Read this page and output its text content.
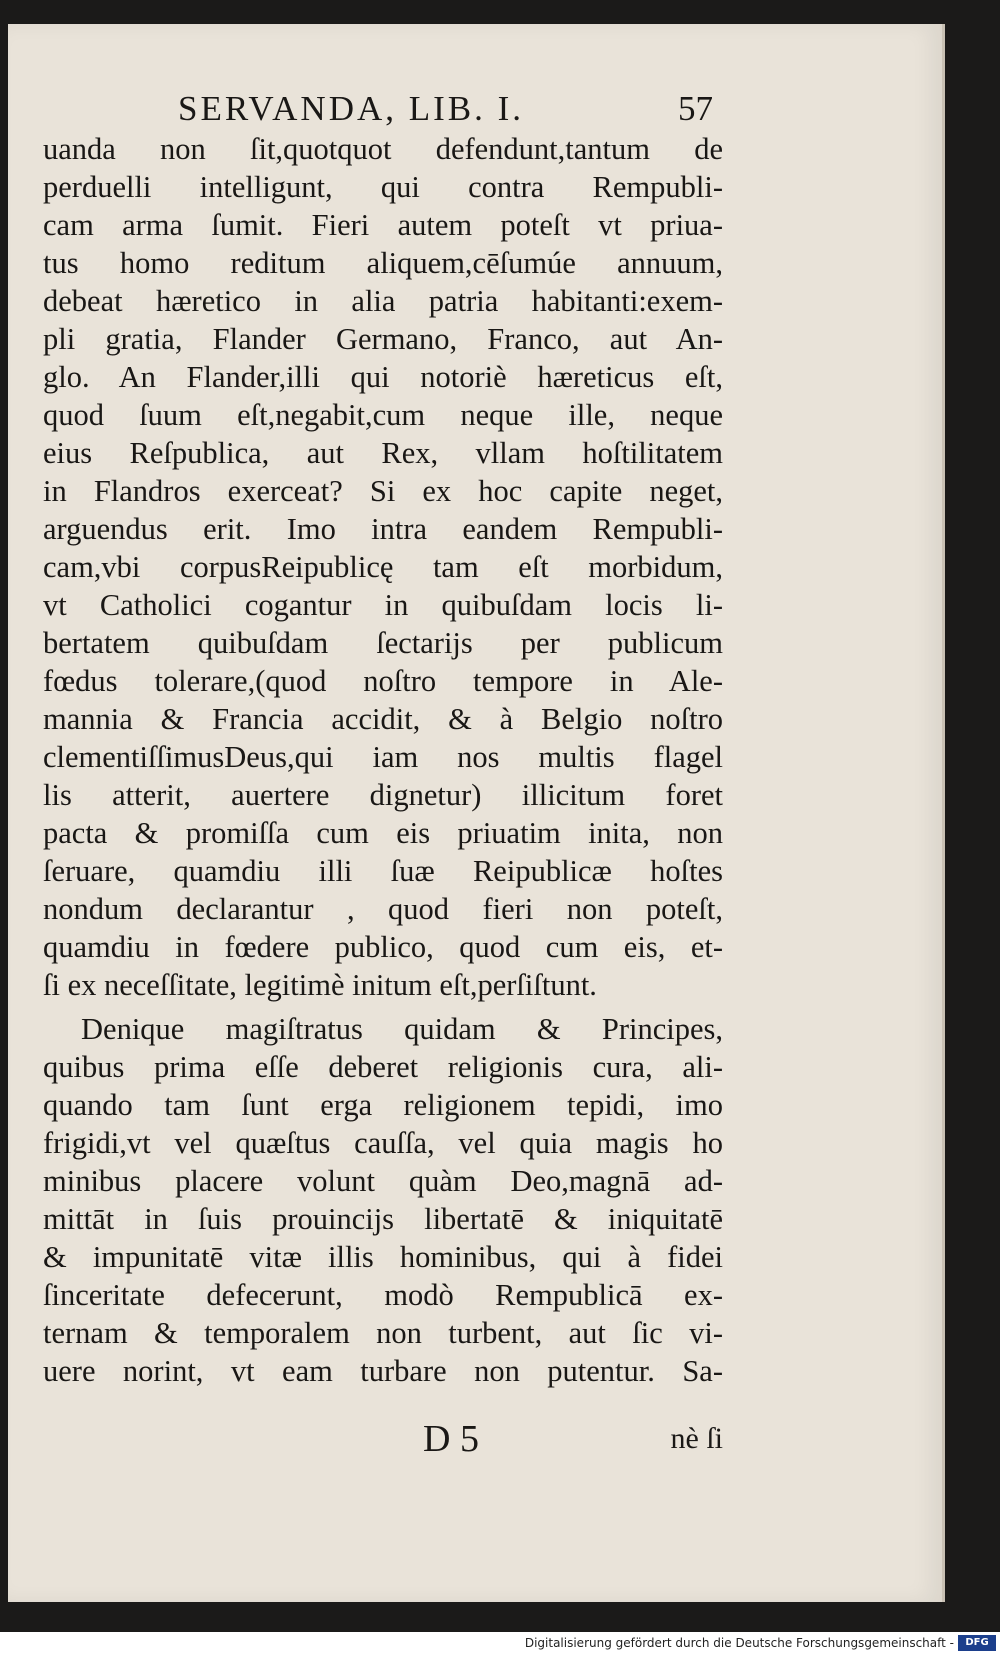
SERVANDA, LIB. I.	57
uanda non ſit,quotquot defendunt,tantum de
perduelli intelligunt, qui contra Rempubli-
cam arma ſumit. Fieri autem poteſt vt priua-
tus homo reditum aliquem,cēſumúe annuum,
debeat hæretico in alia patria habitanti:exem-
pli gratia, Flander Germano, Franco, aut An-
glo. An Flander,illi qui notoriè hæreticus eſt,
quod ſuum eſt,negabit,cum neque ille, neque
eius Reſpublica, aut Rex, vllam hoſtilitatem
in Flandros exerceat? Si ex hoc capite neget,
arguendus erit. Imo intra eandem Rempubli-
cam,vbi corpusReipublicę tam eſt morbidum,
vt Catholici cogantur in quibuſdam locis li-
bertatem quibuſdam ſectarijs per publicum
fœdus tolerare,(quod noſtro tempore in Ale-
mannia & Francia accidit, & à Belgio noſtro
clementiſſimusDeus,qui iam nos multis flagel
lis atterit, auertere dignetur) illicitum foret
pacta & promiſſa cum eis priuatim inita, non
ſeruare, quamdiu illi ſuæ Reipublicæ hoſtes
nondum declarantur , quod fieri non poteſt,
quamdiu in fœdere publico, quod cum eis, et-
ſi ex neceſſitate, legitimè initum eſt,perſiſtunt.
Denique magiſtratus quidam & Principes,
quibus prima eſſe deberet religionis cura, ali-
quando tam ſunt erga religionem tepidi, imo
frigidi,vt vel quæſtus cauſſa, vel quia magis ho
minibus placere volunt quàm Deo,magnā ad-
mittāt in ſuis prouincijs libertatē & iniquitatē
& impunitatē vitæ illis hominibus, qui à fidei
ſinceritate defecerunt, modò Rempublicā ex-
ternam & temporalem non turbent, aut ſic vi-
uere norint, vt eam turbare non putentur. Sa-
D 5	nè ſi
Digitalisierung gefördert durch die Deutsche Forschungsgemeinschaft -	DFG
